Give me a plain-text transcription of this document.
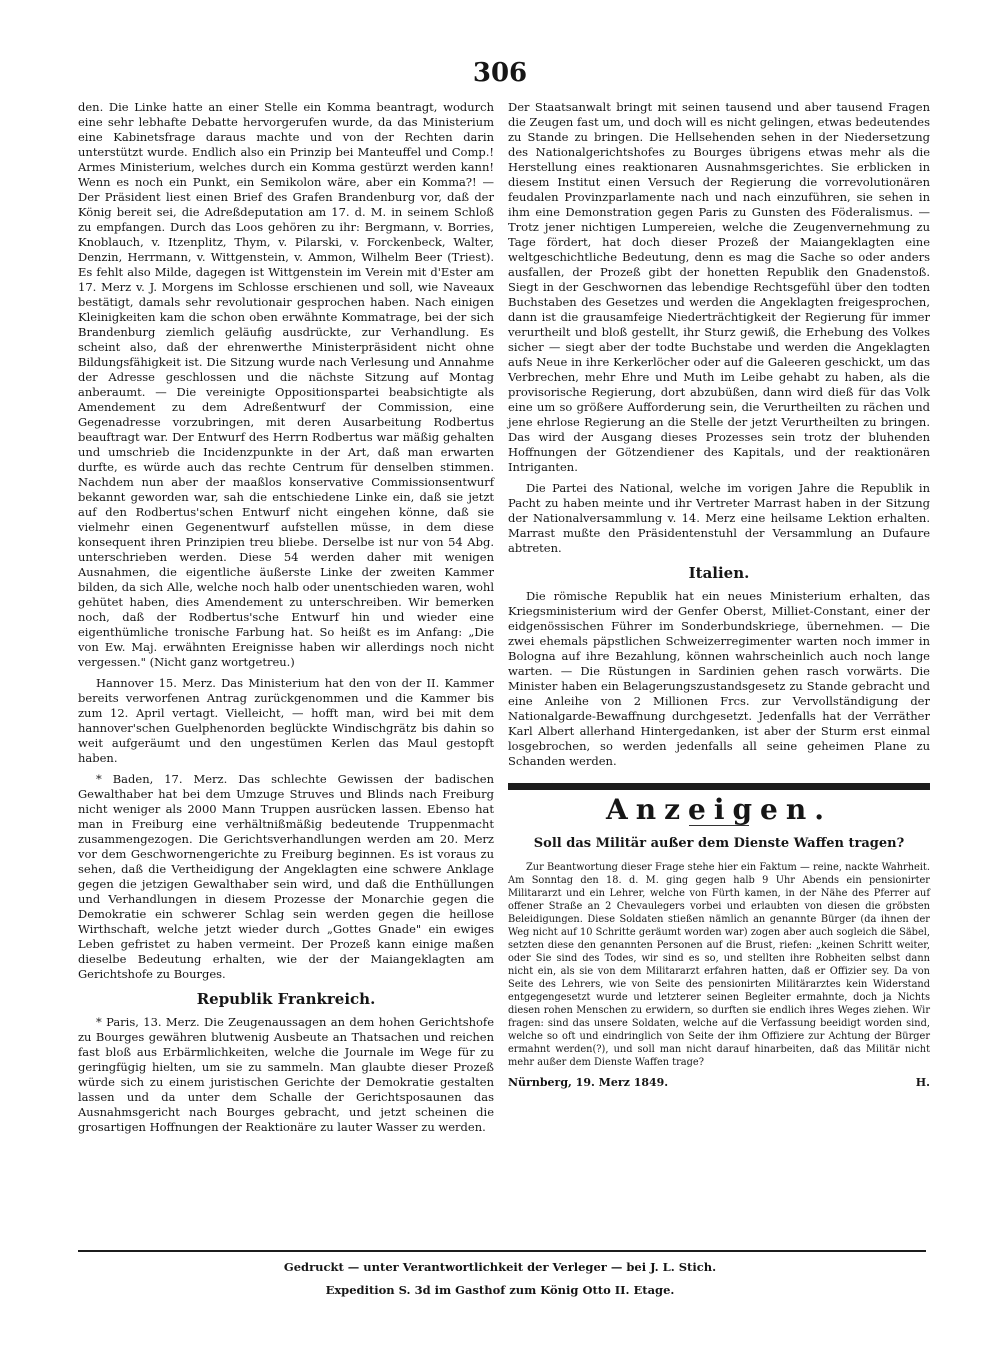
306

den. Die Linke hatte an einer Stelle ein Komma beantragt, wodurch eine sehr lebhafte Debatte hervorgerufen wurde, da das Ministerium eine Kabinetsfrage daraus machte und von der Rechten darin unterstützt wurde. Endlich also ein Prinzip bei Manteuffel und Comp.! Armes Ministerium, welches durch ein Komma gestürzt werden kann! Wenn es noch ein Punkt, ein Semikolon wäre, aber ein Komma?! — Der Präsident liest einen Brief des Grafen Brandenburg vor, daß der König bereit sei, die Adreßdeputation am 17. d. M. in seinem Schloß zu empfangen. Durch das Loos gehören zu ihr: Bergmann, v. Borries, Knoblauch, v. Itzenplitz, Thym, v. Pilarski, v. Forckenbeck, Walter, Denzin, Herrmann, v. Wittgenstein, v. Ammon, Wilhelm Beer (Triest). Es fehlt also Milde, dagegen ist Wittgenstein im Verein mit d'Ester am 17. Merz v. J. Morgens im Schlosse erschienen und soll, wie Naveaux bestätigt, damals sehr revolutionair gesprochen haben. Nach einigen Kleinigkeiten kam die schon oben erwähnte Kommatrage, bei der sich Brandenburg ziemlich geläufig ausdrückte, zur Verhandlung. Es scheint also, daß der ehrenwerthe Ministerpräsident nicht ohne Bildungsfähigkeit ist. Die Sitzung wurde nach Verlesung und Annahme der Adresse geschlossen und die nächste Sitzung auf Montag anberaumt. — Die vereinigte Oppositionspartei beabsichtigte als Amendement zu dem Adreßentwurf der Commission, eine Gegenadresse vorzubringen, mit deren Ausarbeitung Rodbertus beauftragt war. Der Entwurf des Herrn Rodbertus war mäßig gehalten und umschrieb die Incidenzpunkte in der Art, daß man erwarten durfte, es würde auch das rechte Centrum für denselben stimmen. Nachdem nun aber der maaßlos konservative Commissionsentwurf bekannt geworden war, sah die entschiedene Linke ein, daß sie jetzt auf den Rodbertus'schen Entwurf nicht eingehen könne, daß sie vielmehr einen Gegenentwurf aufstellen müsse, in dem diese konsequent ihren Prinzipien treu bliebe. Derselbe ist nur von 54 Abg. unterschrieben werden. Diese 54 werden daher mit wenigen Ausnahmen, die eigentliche äußerste Linke der zweiten Kammer bilden, da sich Alle, welche noch halb oder unentschieden waren, wohl gehütet haben, dies Amendement zu unterschreiben. Wir bemerken noch, daß der Rodbertus'sche Entwurf hin und wieder eine eigenthümliche tronische Farbung hat. So heißt es im Anfang: „Die von Ew. Maj. erwähnten Ereignisse haben wir allerdings noch nicht vergessen." (Nicht ganz wortgetreu.)

Hannover 15. Merz. Das Ministerium hat den von der II. Kammer bereits verworfenen Antrag zurückgenommen und die Kammer bis zum 12. April vertagt. Vielleicht, — hofft man, wird bei mit dem hannover'schen Guelphenorden beglückte Windischgrätz bis dahin so weit aufgeräumt und den ungestümen Kerlen das Maul gestopft haben.

* Baden, 17. Merz. Das schlechte Gewissen der badischen Gewalthaber hat bei dem Umzuge Struves und Blinds nach Freiburg nicht weniger als 2000 Mann Truppen ausrücken lassen. Ebenso hat man in Freiburg eine verhältnißmäßig bedeutende Truppenmacht zusammengezogen. Die Gerichtsverhandlungen werden am 20. Merz vor dem Geschwornengerichte zu Freiburg beginnen. Es ist voraus zu sehen, daß die Vertheidigung der Angeklagten eine schwere Anklage gegen die jetzigen Gewalthaber sein wird, und daß die Enthüllungen und Verhandlungen in diesem Prozesse der Monarchie gegen die Demokratie ein schwerer Schlag sein werden gegen die heillose Wirthschaft, welche jetzt wieder durch „Gottes Gnade" ein ewiges Leben gefristet zu haben vermeint. Der Prozeß kann einige maßen dieselbe Bedeutung erhalten, wie der der Maiangeklagten am Gerichtshofe zu Bourges.

Republik Frankreich.

* Paris, 13. Merz. Die Zeugenaussagen an dem hohen Gerichtshofe zu Bourges gewähren blutwenig Ausbeute an Thatsachen und reichen fast bloß aus Erbärmlichkeiten, welche die Journale im Wege für zu geringfügig hielten, um sie zu sammeln. Man glaubte dieser Prozeß würde sich zu einem juristischen Gerichte der Demokratie gestalten lassen und da unter dem Schalle der Gerichtsposaunen das Ausnahmsgericht nach Bourges gebracht, und jetzt scheinen die grosartigen Hoffnungen der Reaktionäre zu lauter Wasser zu werden.

Der Staatsanwalt bringt mit seinen tausend und aber tausend Fragen die Zeugen fast um, und doch will es nicht gelingen, etwas bedeutendes zu Stande zu bringen. Die Hellsehenden sehen in der Niedersetzung des Nationalgerichtshofes zu Bourges übrigens etwas mehr als die Herstellung eines reaktionaren Ausnahmsgerichtes. Sie erblicken in diesem Institut einen Versuch der Regierung die vorrevolutionären feudalen Provinzparlamente nach und nach einzuführen, sie sehen in ihm eine Demonstration gegen Paris zu Gunsten des Föderalismus. — Trotz jener nichtigen Lumpereien, welche die Zeugenvernehmung zu Tage fördert, hat doch dieser Prozeß der Maiangeklagten eine weltgeschichtliche Bedeutung, denn es mag die Sache so oder anders ausfallen, der Prozeß gibt der honetten Republik den Gnadenstoß. Siegt in der Geschwornen das lebendige Rechtsgefühl über den todten Buchstaben des Gesetzes und werden die Angeklagten freigesprochen, dann ist die grausamfeige Niederträchtigkeit der Regierung für immer verurtheilt und bloß gestellt, ihr Sturz gewiß, die Erhebung des Volkes sicher — siegt aber der todte Buchstabe und werden die Angeklagten aufs Neue in ihre Kerkerlöcher oder auf die Galeeren geschickt, um das Verbrechen, mehr Ehre und Muth im Leibe gehabt zu haben, als die provisorische Regierung, dort abzubüßen, dann wird dieß für das Volk eine um so größere Aufforderung sein, die Verurtheilten zu rächen und jene ehrlose Regierung an die Stelle der jetzt Verurtheilten zu bringen. Das wird der Ausgang dieses Prozesses sein trotz der bluhenden Hoffnungen der Götzendiener des Kapitals, und der reaktionären Intriganten.

Die Partei des National, welche im vorigen Jahre die Republik in Pacht zu haben meinte und ihr Vertreter Marrast haben in der Sitzung der Nationalversammlung v. 14. Merz eine heilsame Lektion erhalten. Marrast mußte den Präsidentenstuhl der Versammlung an Dufaure abtreten.

Italien.

Die römische Republik hat ein neues Ministerium erhalten, das Kriegsministerium wird der Genfer Oberst, Milliet-Constant, einer der eidgenössischen Führer im Sonderbundskriege, übernehmen. — Die zwei ehemals päpstlichen Schweizerregimenter warten noch immer in Bologna auf ihre Bezahlung, können wahrscheinlich auch noch lange warten. — Die Rüstungen in Sardinien gehen rasch vorwärts. Die Minister haben ein Belagerungszustandsgesetz zu Stande gebracht und eine Anleihe von 2 Millionen Frcs. zur Vervollständigung der Nationalgarde-Bewaffnung durchgesetzt. Jedenfalls hat der Verräther Karl Albert allerhand Hintergedanken, ist aber der Sturm erst einmal losgebrochen, so werden jedenfalls all seine geheimen Plane zu Schanden werden.

Anzeigen.
Soll das Militär außer dem Dienste Waffen tragen?

Zur Beantwortung dieser Frage stehe hier ein Faktum — reine, nackte Wahrheit. Am Sonntag den 18. d. M. ging gegen halb 9 Uhr Abends ein pensionirter Militararzt und ein Lehrer, welche von Fürth kamen, in der Nähe des Pferrer auf offener Straße an 2 Chevaulegers vorbei und erlaubten von diesen die gröbsten Beleidigungen. Diese Soldaten stießen nämlich an genannte Bürger (da ihnen der Weg nicht auf 10 Schritte geräumt worden war) zogen aber auch sogleich die Säbel, setzten diese den genannten Personen auf die Brust, riefen: „keinen Schritt weiter, oder Sie sind des Todes, wir sind es so, und stellten ihre Robheiten selbst dann nicht ein, als sie von dem Militararzt erfahren hatten, daß er Offizier sey. Da von Seite des Lehrers, wie von Seite des pensionirten Militärarztes kein Widerstand entgegengesetzt wurde und letzterer seinen Begleiter ermahnte, doch ja Nichts diesen rohen Menschen zu erwidern, so durften sie endlich ihres Weges ziehen. Wir fragen: sind das unsere Soldaten, welche auf die Verfassung beeidigt worden sind, welche so oft und eindringlich von Seite der ihm Offiziere zur Achtung der Bürger ermahnt werden(?), und soll man nicht darauf hinarbeiten, daß das Militär nicht mehr außer dem Dienste Waffen trage?

H.
Nürnberg, 19. Merz 1849.

Gedruckt — unter Verantwortlichkeit der Verleger — bei J. L. Stich.
Expedition S. 3d im Gasthof zum König Otto II. Etage.
